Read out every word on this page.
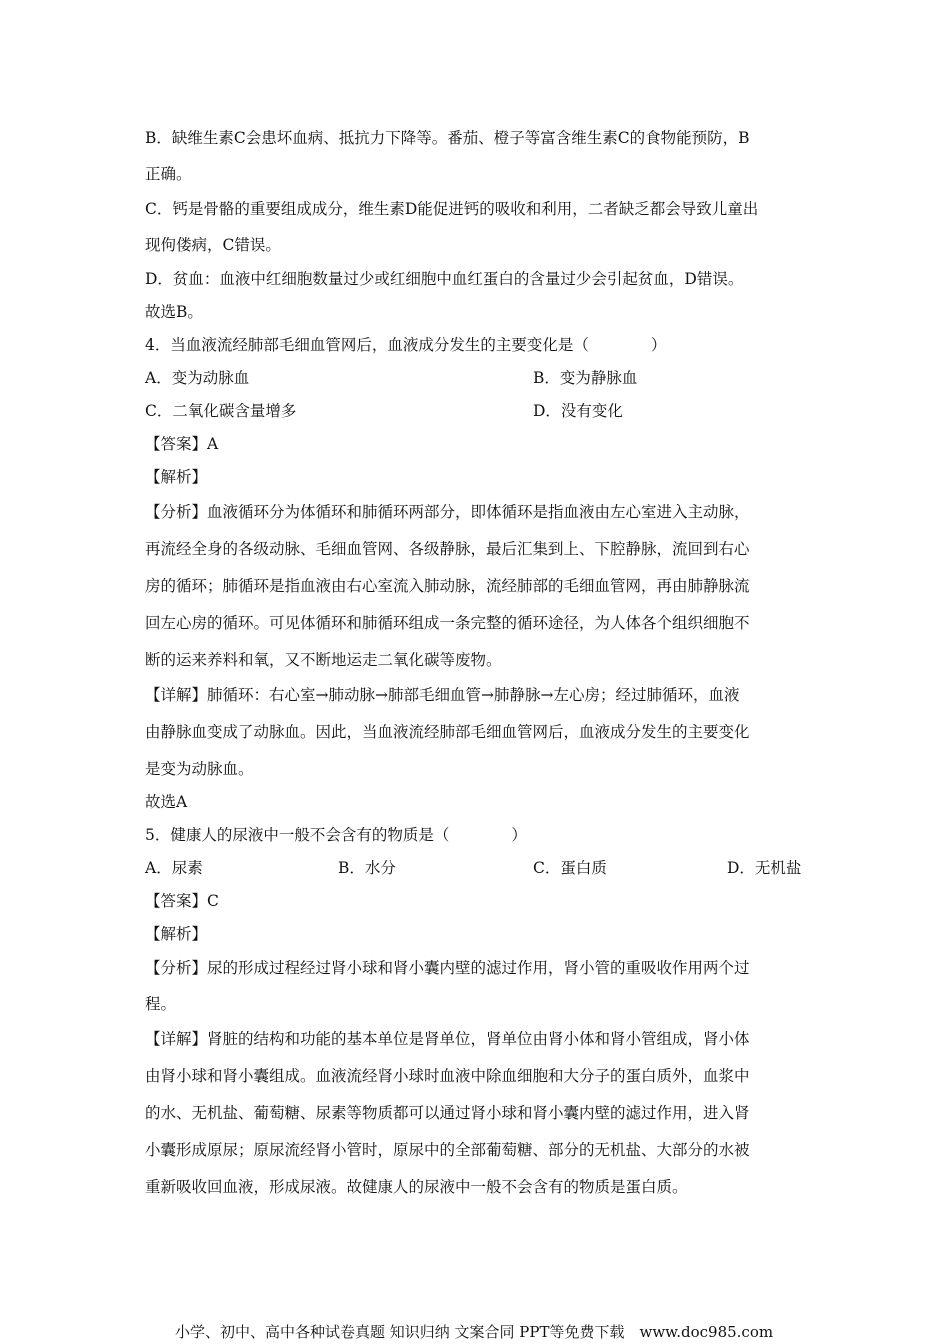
B．缺维生素C会患坏血病、抵抗力下降等。番茄、橙子等富含维生素C的食物能预防，B
正确。
C．钙是骨骼的重要组成成分，维生素D能促进钙的吸收和利用，二者缺乏都会导致儿童出
现佝偻病，C错误。
D．贫血：血液中红细胞数量过少或红细胞中血红蛋白的含量过少会引起贫血，D错误。
故选B。
4．当血液流经肺部毛细血管网后，血液成分发生的主要变化是（　　　　）
A．变为动脉血	B．变为静脉血
C．二氧化碳含量增多	D．没有变化
【答案】A
【解析】
【分析】血液循环分为体循环和肺循环两部分，即体循环是指血液由左心室进入主动脉，
再流经全身的各级动脉、毛细血管网、各级静脉，最后汇集到上、下腔静脉，流回到右心
房的循环；肺循环是指血液由右心室流入肺动脉，流经肺部的毛细血管网，再由肺静脉流
回左心房的循环。可见体循环和肺循环组成一条完整的循环途径，为人体各个组织细胞不
断的运来养料和氧，又不断地运走二氧化碳等废物。
【详解】肺循环：右心室→肺动脉→肺部毛细血管→肺静脉→左心房；经过肺循环，血液
由静脉血变成了动脉血。因此，当血液流经肺部毛细血管网后，血液成分发生的主要变化
是变为动脉血。
故选A
5．健康人的尿液中一般不会含有的物质是（　　　　）
A．尿素	B．水分	C．蛋白质	D．无机盐
【答案】C
【解析】
【分析】尿的形成过程经过肾小球和肾小囊内壁的滤过作用，肾小管的重吸收作用两个过
程。
【详解】肾脏的结构和功能的基本单位是肾单位，肾单位由肾小体和肾小管组成，肾小体
由肾小球和肾小囊组成。血液流经肾小球时血液中除血细胞和大分子的蛋白质外，血浆中
的水、无机盐、葡萄糖、尿素等物质都可以通过肾小球和肾小囊内壁的滤过作用，进入肾
小囊形成原尿；原尿流经肾小管时，原尿中的全部葡萄糖、部分的无机盐、大部分的水被
重新吸收回血液，形成尿液。故健康人的尿液中一般不会含有的物质是蛋白质。
小学、初中、高中各种试卷真题 知识归纳 文案合同 PPT等免费下载　www.doc985.com
